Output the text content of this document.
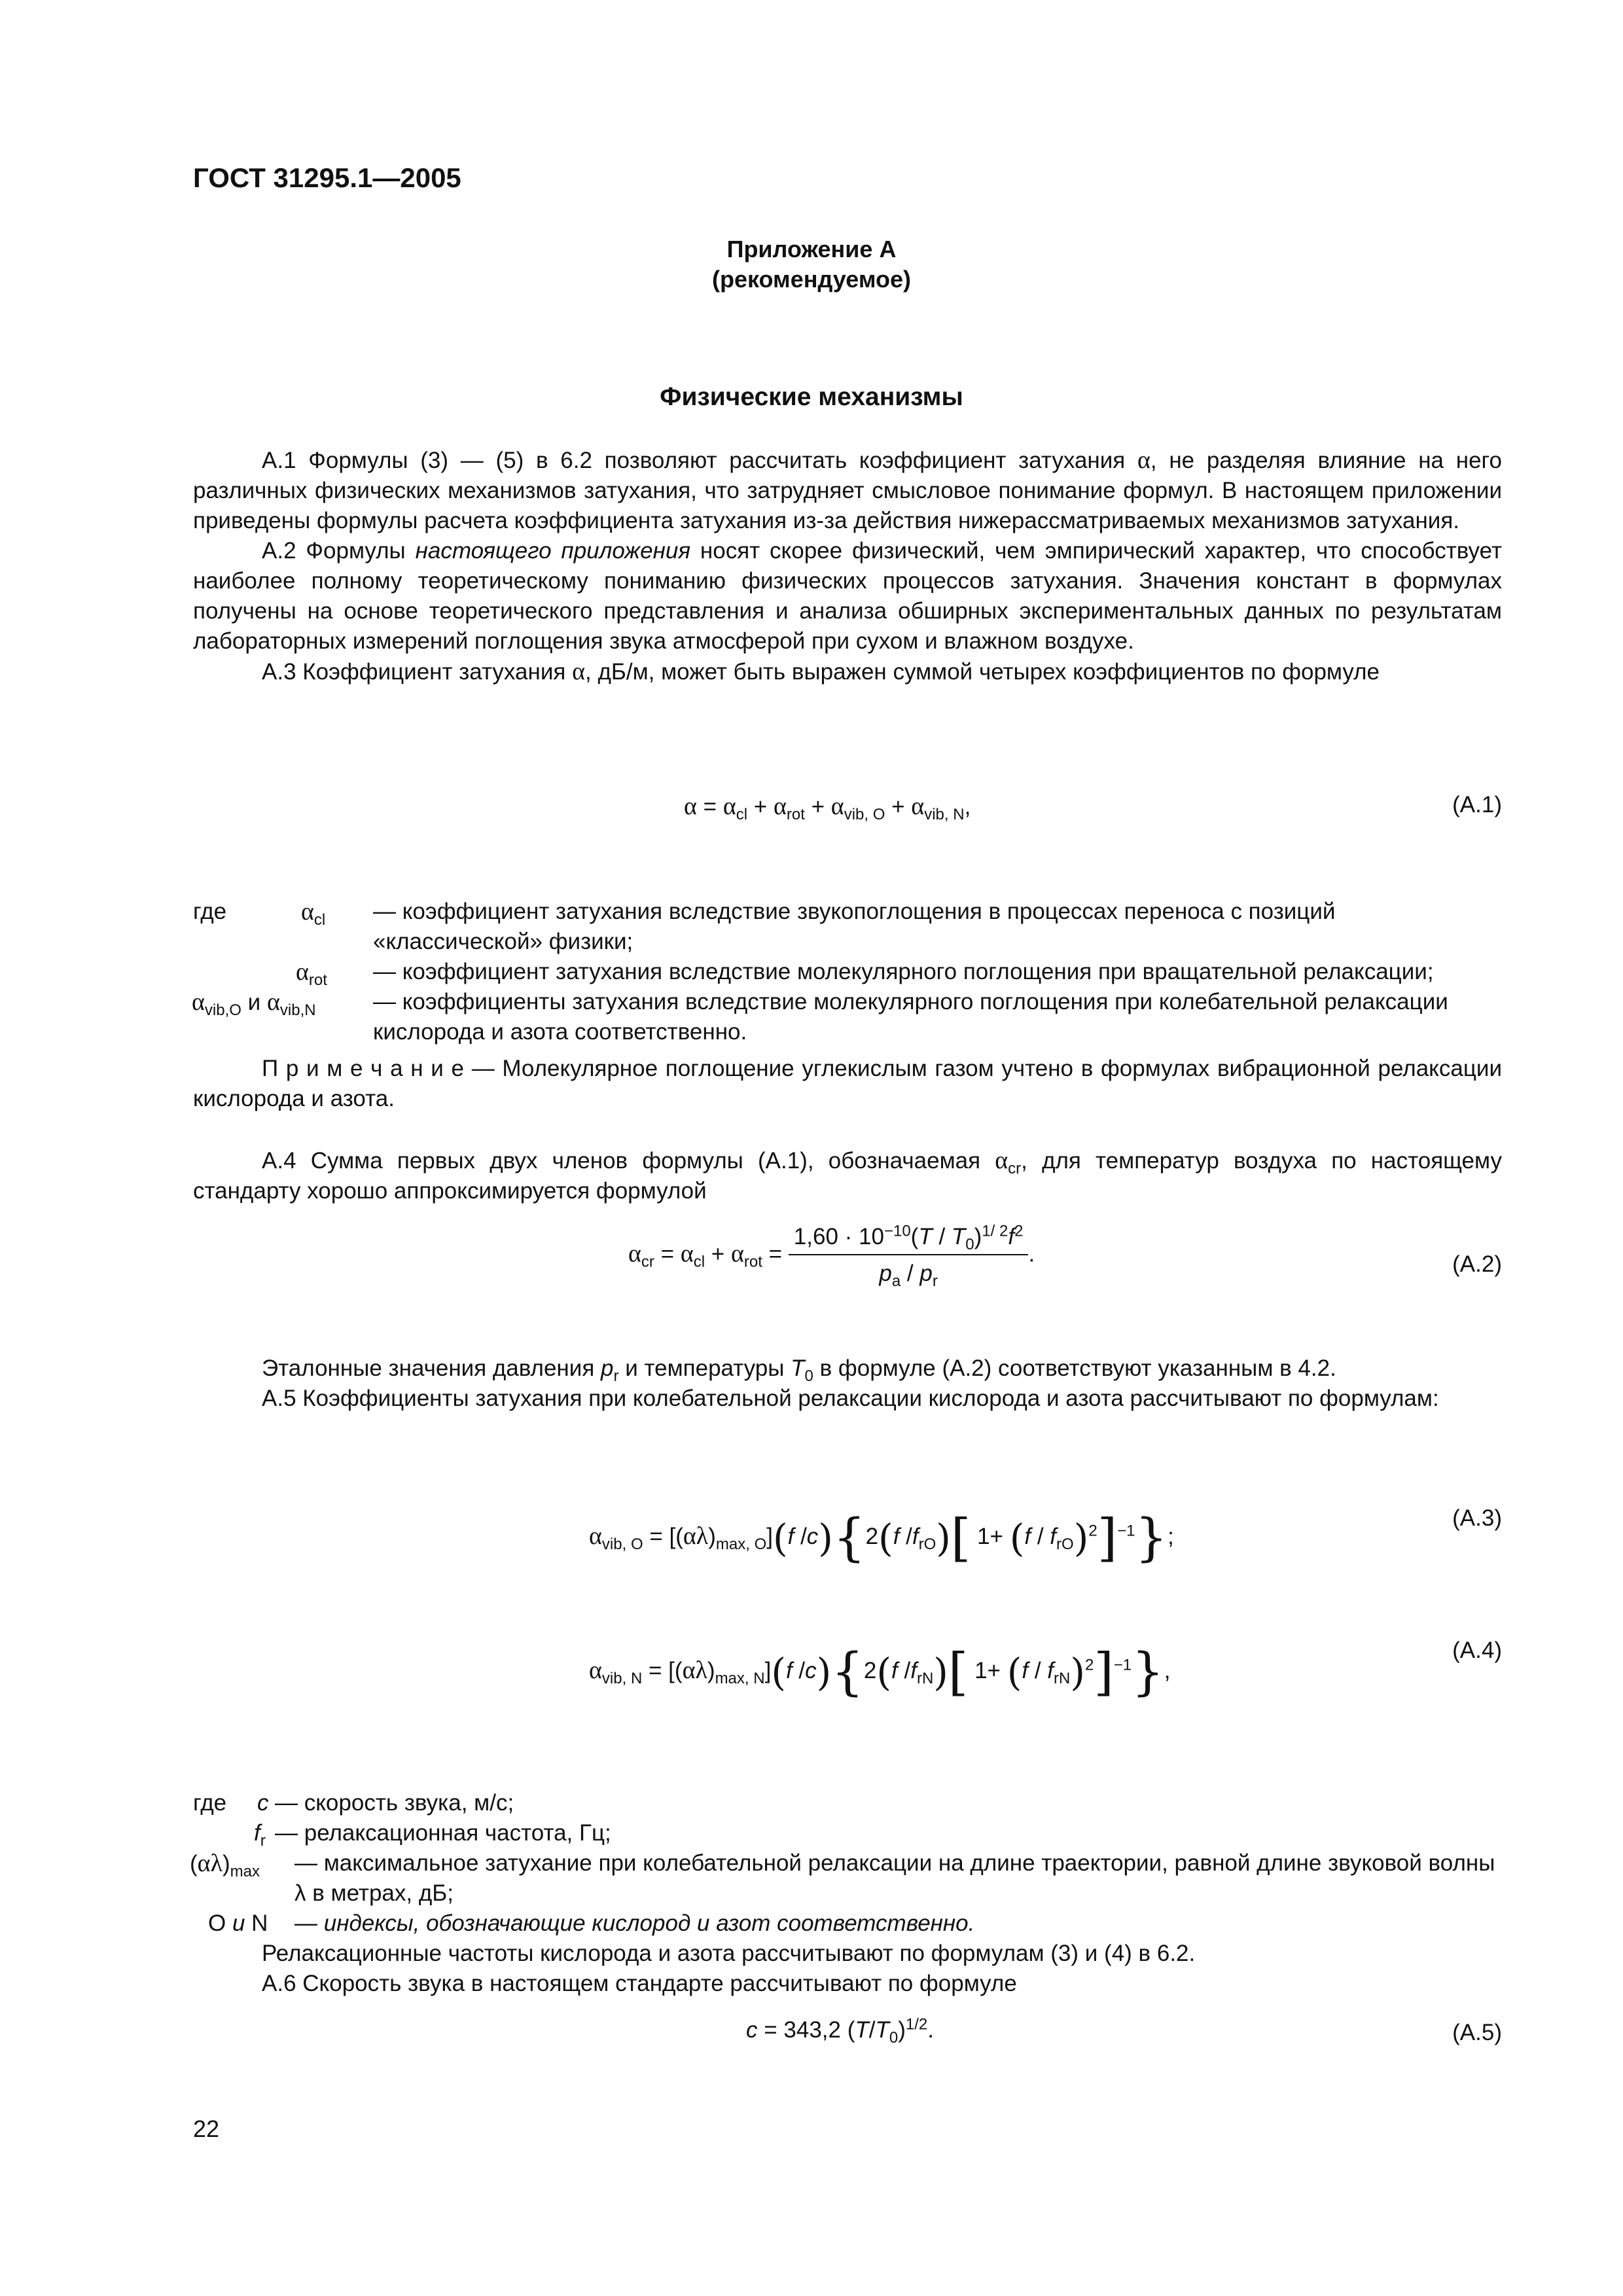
ГОСТ 31295.1—2005
Приложение А
(рекомендуемое)
Физические механизмы

А.1 Формулы (3) — (5) в 6.2 позволяют рассчитать коэффициент затухания α, не разделяя влияние на него различных физических механизмов затухания, что затрудняет смысловое понимание формул. В настоящем приложении приведены формулы расчета коэффициента затухания из-за действия нижерассматриваемых механизмов затухания.

А.2 Формулы настоящего приложения носят скорее физический, чем эмпирический характер, что способствует наиболее полному теоретическому пониманию физических процессов затухания. Значения констант в формулах получены на основе теоретического представления и анализа обширных экспериментальных данных по результатам лабораторных измерений поглощения звука атмосферой при сухом и влажном воздухе.

А.3 Коэффициент затухания α, дБ/м, может быть выражен суммой четырех коэффициентов по формуле

$\alpha = \alpha_{cl} + \alpha_{rot} + \alpha_{vib, O} + \alpha_{vib, N}$,	(А.1)
где	$\alpha_{cl}$ — коэффициент затухания вследствие звукопоглощения в процессах переноса с позиций «классической» физики;
$\alpha_{rot}$ — коэффициент затухания вследствие молекулярного поглощения при вращательной релаксации;
$\alpha_{vib,O}$ и $\alpha_{vib,N}$ — коэффициенты затухания вследствие молекулярного поглощения при колебательной релаксации кислорода и азота соответственно.

П р и м е ч а н и е — Молекулярное поглощение углекислым газом учтено в формулах вибрационной релаксации кислорода и азота.

А.4 Сумма первых двух членов формулы (А.1), обозначаемая $\alpha_{cr}$, для температур воздуха по настоящему стандарту хорошо аппроксимируется формулой

$\alpha_{cr} = \alpha_{cl} + \alpha_{rot} = \frac{1,60 \cdot 10^{-10}(T / T_0)^{1/ 2}f^2}{p_a / p_r}$ .	(А.2)

Эталонные значения давления $p_r$ и температуры $T_0$ в формуле (А.2) соответствуют указанным в 4.2.

А.5 Коэффициенты затухания при колебательной релаксации кислорода и азота рассчитывают по формулам:

$\alpha_{vib, O} = [(\alpha\lambda)_{max, O}](f$ /c){2(f $/f_{rO}$)[ $1+ (f / f_{rO})^2]^{-1}$};
(А.3)
$\alpha_{vib, N} = [(\alpha\lambda)_{max, N}](f$ /c){2(f $/f_{rN}$)[ $1+ (f / f_{rN})^2]^{-1}$},
(А.4)
где c — скорость звука, м/с;
$f_r$ — релаксационная частота, Гц;
$(\alpha\lambda)_{max}$ — максимальное затухание при колебательной релаксации на длине траектории, равной длине звуковой волны λ в метрах, дБ;
O и N — индексы, обозначающие кислород и азот соответственно.

Релаксационные частоты кислорода и азота рассчитывают по формулам (3) и (4) в 6.2.

А.6 Скорость звука в настоящем стандарте рассчитывают по формуле

c = 343,2 $(T/T_0)^{1/2}$.	(А.5)
22
